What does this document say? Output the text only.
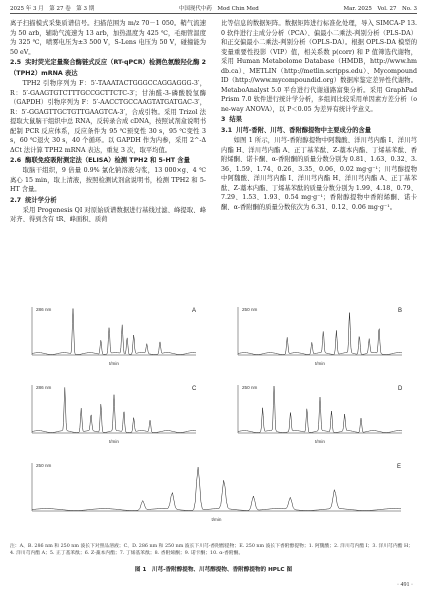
2025 年 3 月　第 27 卷　第 3 期	中国现代中药　Mod Chin Med	Mar. 2025　Vol. 27　No. 3

离子扫描模式采集质谱信号。扫描范围为 m/z 70－1 050。鞘气流速为 50 arb，辅助气流速为 13 arb，加热温度为 425 ℃，毛细管温度为 325 ℃，喷雾电压为±3 500 V，S-Lens 电压为 50 V，碰撞能为 50 eV。

2.5 实时荧光定量聚合酶链式反应（RT-qPCR）检测色氨酸羟化酶 2（TPH2）mRNA 表达

TPH2 引物序列为 F：5′-TAAATACTGGGCCAGGAGGG-3′，R：5′-GAAGTGTCTTTGCCGCTTCTC-3′；甘油醛-3-磷酸脱氢酶（GAPDH）引物序列为 F：5′-AACCTGCCAAGTATGATGAC-3′，R：5′-GGAGTTGCTGTTGAAGTCA-3′，合成引物。采用 Trizol 法提取大鼠脑干组织中总 RNA，反转录合成 cDNA，按照试剂盒说明书配制 PCR 反应体系，反应条件为 95 ℃预变性 30 s，95 ℃变性 3 s，60 ℃退火 30 s，40 个循环。以 GAPDH 作为内参，采用 2^-ΔΔCt 法计算 TPH2 mRNA 表达，重复 3 次，取平均值。

2.6 酶联免疫吸附测定法（ELISA）检测 TPH2 和 5-HT 含量

取脑干组织，9 倍量 0.9% 氯化钠溶液匀浆，13 000×g、4 ℃离心 15 min，取上清液，按照检测试剂盒说明书，检测 TPH2 和 5-HT 含量。

2.7 统计学分析

采用 Progenesis QI 对原始质谱数据进行基线过滤、峰提取、峰对齐、得到含有 tR、峰面积、质荷

比等信息的数据矩阵。数据矩阵进行标准化处理，导入 SIMCA-P 13.0 软件进行主成分分析（PCA）、偏最小二乘法-判别分析（PLS-DA）和正交偏最小二乘法-判别分析（OPLS-DA）。根据 OPLS-DA 模型的变量重要性投影（VIP）值，相关系数 p(corr) 和 P 值筛选代谢物，采用 Human Metabolome Database（HMDB，http://www.hmdb.ca）、METLIN（http://metlin.scripps.edu）、Mycompound ID（http://www.mycompoundid.org）数据库鉴定差异性代谢物。MetaboAnalyst 5.0 平台进行代谢通路富集分析。采用 GraphPad Prism 7.0 软件进行统计学分析，多组间比较采用单因素方差分析（one-way ANOVA），以 P＜0.05 为差异有统计学意义。

3 结果
3.1 川芎-香附、川芎、香附醇提物中主要成分的含量

如图 1 所示，川芎-香附醇提物中阿魏酸、洋川芎内酯 I、洋川芎内酯 H、洋川芎内酯 A、正丁基苯酞、Z-藁本内酯、丁烯基苯酞、香附烯酮、诺卡酮、α-香附酮的质量分数分别为 0.81、1.63、0.32、3.36、1.59、1.74、0.26、3.35、0.06、0.02 mg·g⁻¹；川芎醇提物中阿魏酸、洋川芎内酯 I、洋川芎内酯 H、洋川芎内酯 A、正丁基苯酞、Z-藁本内酯、丁烯基苯酞的质量分数分别为 1.99、4.18、0.79、7.29、1.53、1.93、0.54 mg·g⁻¹；香附醇提物中香附烯酮、诺卡酮、α-香附酮的质量分数依次为 6.31、0.12、0.06 mg·g⁻¹。

286 nm	A
t/min
250 nm	B
t/min
286 nm	C
t/min
250 nm	D
t/min
250 nm	E
t/min
注：A、B. 286 nm 和 250 nm 波长下对照品溶液；C、D. 286 nm 和 250 nm 波长下川芎-香附醇提物；E. 250 nm 波长下香附醇提物；1. 阿魏酸；2. 洋川芎内酯 I；3. 洋川芎内酯 H；4. 洋川芎内酯 A；5. 正丁基苯酞；6. Z-藁本内酯；7. 丁烯基苯酞；8. 香附烯酮；9. 诺卡酮；10. α-香附酮。
图 1　川芎-香附醇提物、川芎醇提物、香附醇提物的 HPLC 图
· 491 ·
